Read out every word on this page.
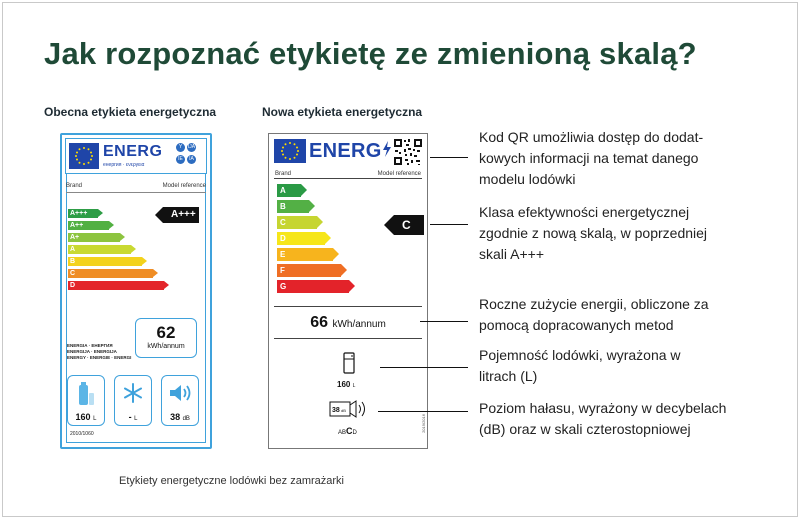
Jak rozpoznać etykietę ze zmienioną skalą?
Obecna etykieta energetyczna	Nowa etykieta energetyczna
ENERG
енергия · ενεργεια
Y	IJA
IE	IA
Brand	Model reference
A+++
A++
A+
A
B
C
D
A+++
ENERGIA · ЕНЕРГИЯ
ENERGIJA · ENERGIJA
ENERGY · ENERGIE · ENERGI
62
kWh/annum
160 L	- L	38 dB
2010/1060
ENERG
Brand	Model reference
A
B
C
D
E
F
G
C
66 kWh/annum
160 L
38 dB
ABCD
2019/2016
Kod QR umożliwia dostęp do dodat-
kowych informacji na temat danego
modelu lodówki
Klasa efektywności energetycznej
zgodnie z nową skalą, w poprzedniej
skali A+++
Roczne zużycie energii, obliczone za
pomocą dopracowanych metod
Pojemność lodówki, wyrażona w
litrach (L)
Poziom hałasu, wyrażony w decybelach
(dB) oraz w skali czterostopniowej
Etykiety energetyczne lodówki bez zamrażarki
